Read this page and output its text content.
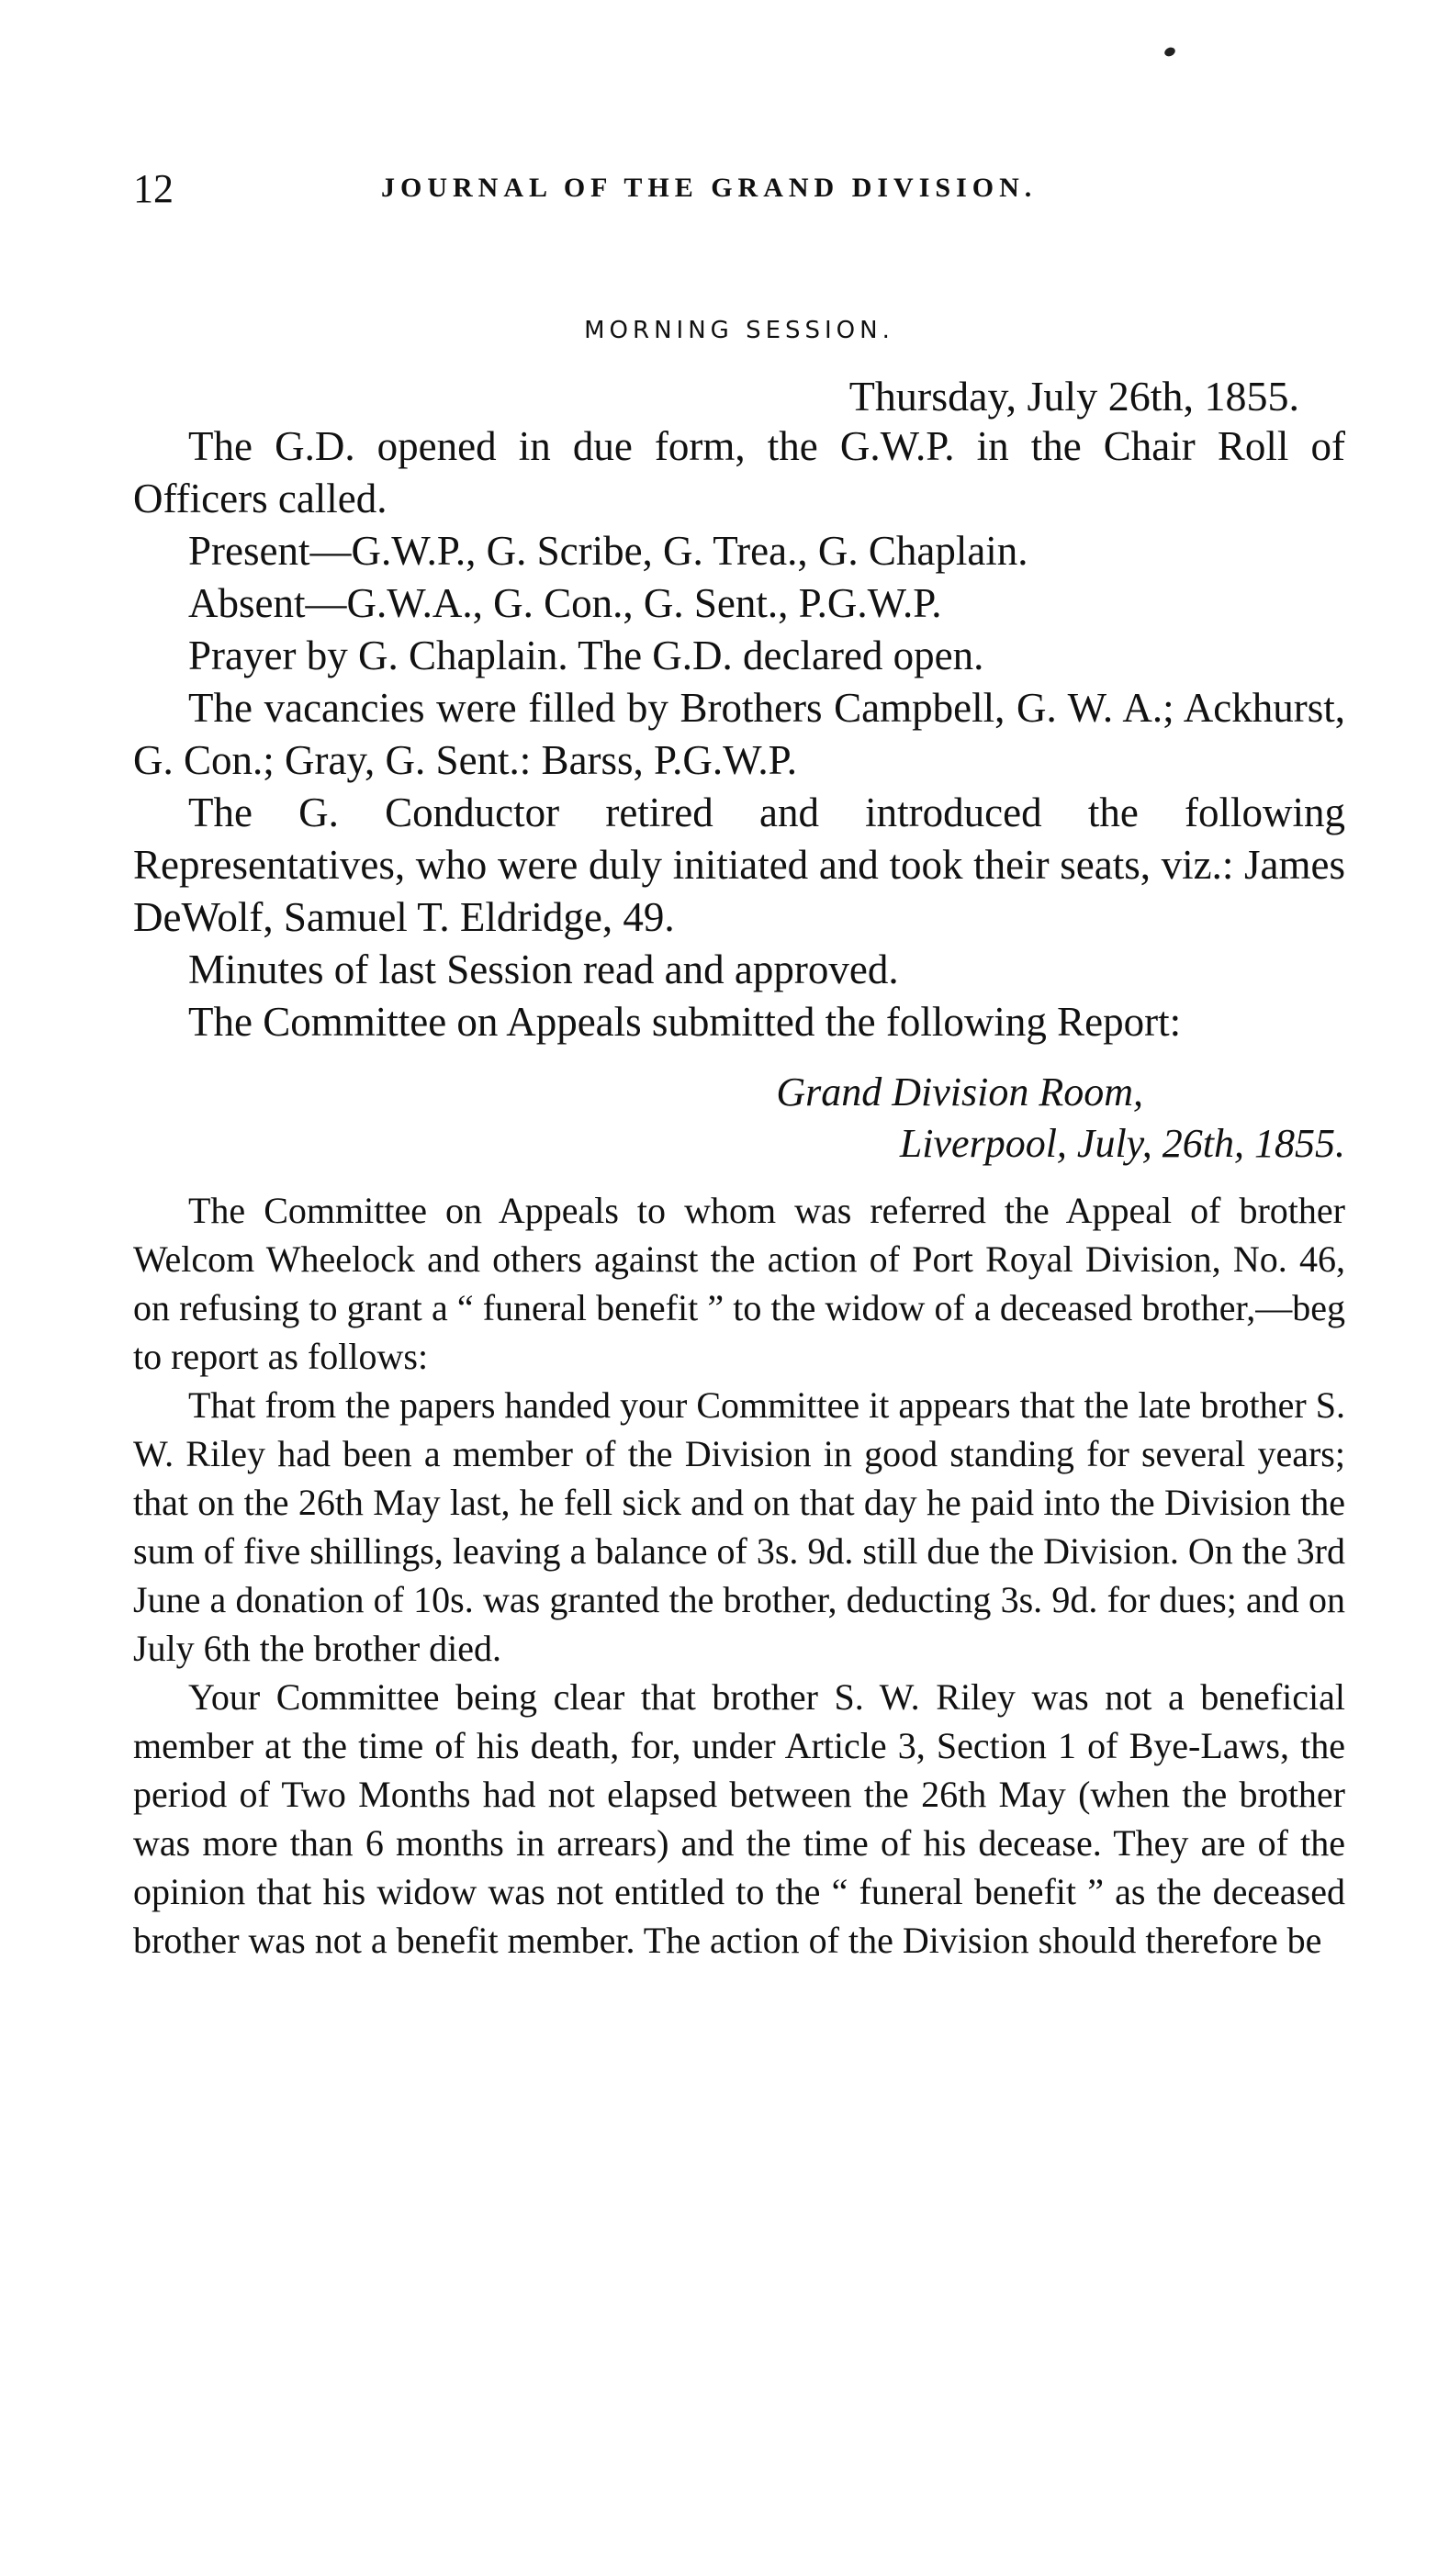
12	JOURNAL OF THE GRAND DIVISION.
MORNING SESSION.
Thursday, July 26th, 1855.

The G.D. opened in due form, the G.W.P. in the Chair Roll of Officers called.

Present—G.W.P., G. Scribe, G. Trea., G. Chaplain.

Absent—G.W.A., G. Con., G. Sent., P.G.W.P.

Prayer by G. Chaplain. The G.D. declared open.

The vacancies were filled by Brothers Campbell, G. W. A.; Ackhurst, G. Con.; Gray, G. Sent.: Barss, P.G.W.P.

The G. Conductor retired and introduced the following Representatives, who were duly initiated and took their seats, viz.: James DeWolf, Samuel T. Eldridge, 49.

Minutes of last Session read and approved.

The Committee on Appeals submitted the following Report:

Grand Division Room,
Liverpool, July, 26th, 1855.

The Committee on Appeals to whom was referred the Appeal of brother Welcom Wheelock and others against the action of Port Royal Division, No. 46, on refusing to grant a “ funeral benefit ” to the widow of a deceased brother,—beg to report as follows:

That from the papers handed your Committee it appears that the late brother S. W. Riley had been a member of the Division in good standing for several years; that on the 26th May last, he fell sick and on that day he paid into the Division the sum of five shillings, leaving a balance of 3s. 9d. still due the Division. On the 3rd June a donation of 10s. was granted the brother, deducting 3s. 9d. for dues; and on July 6th the brother died.

Your Committee being clear that brother S. W. Riley was not a beneficial member at the time of his death, for, under Article 3, Section 1 of Bye-Laws, the period of Two Months had not elapsed between the 26th May (when the brother was more than 6 months in arrears) and the time of his decease. They are of the opinion that his widow was not entitled to the “ funeral benefit ” as the deceased brother was not a benefit member. The action of the Division should therefore be
